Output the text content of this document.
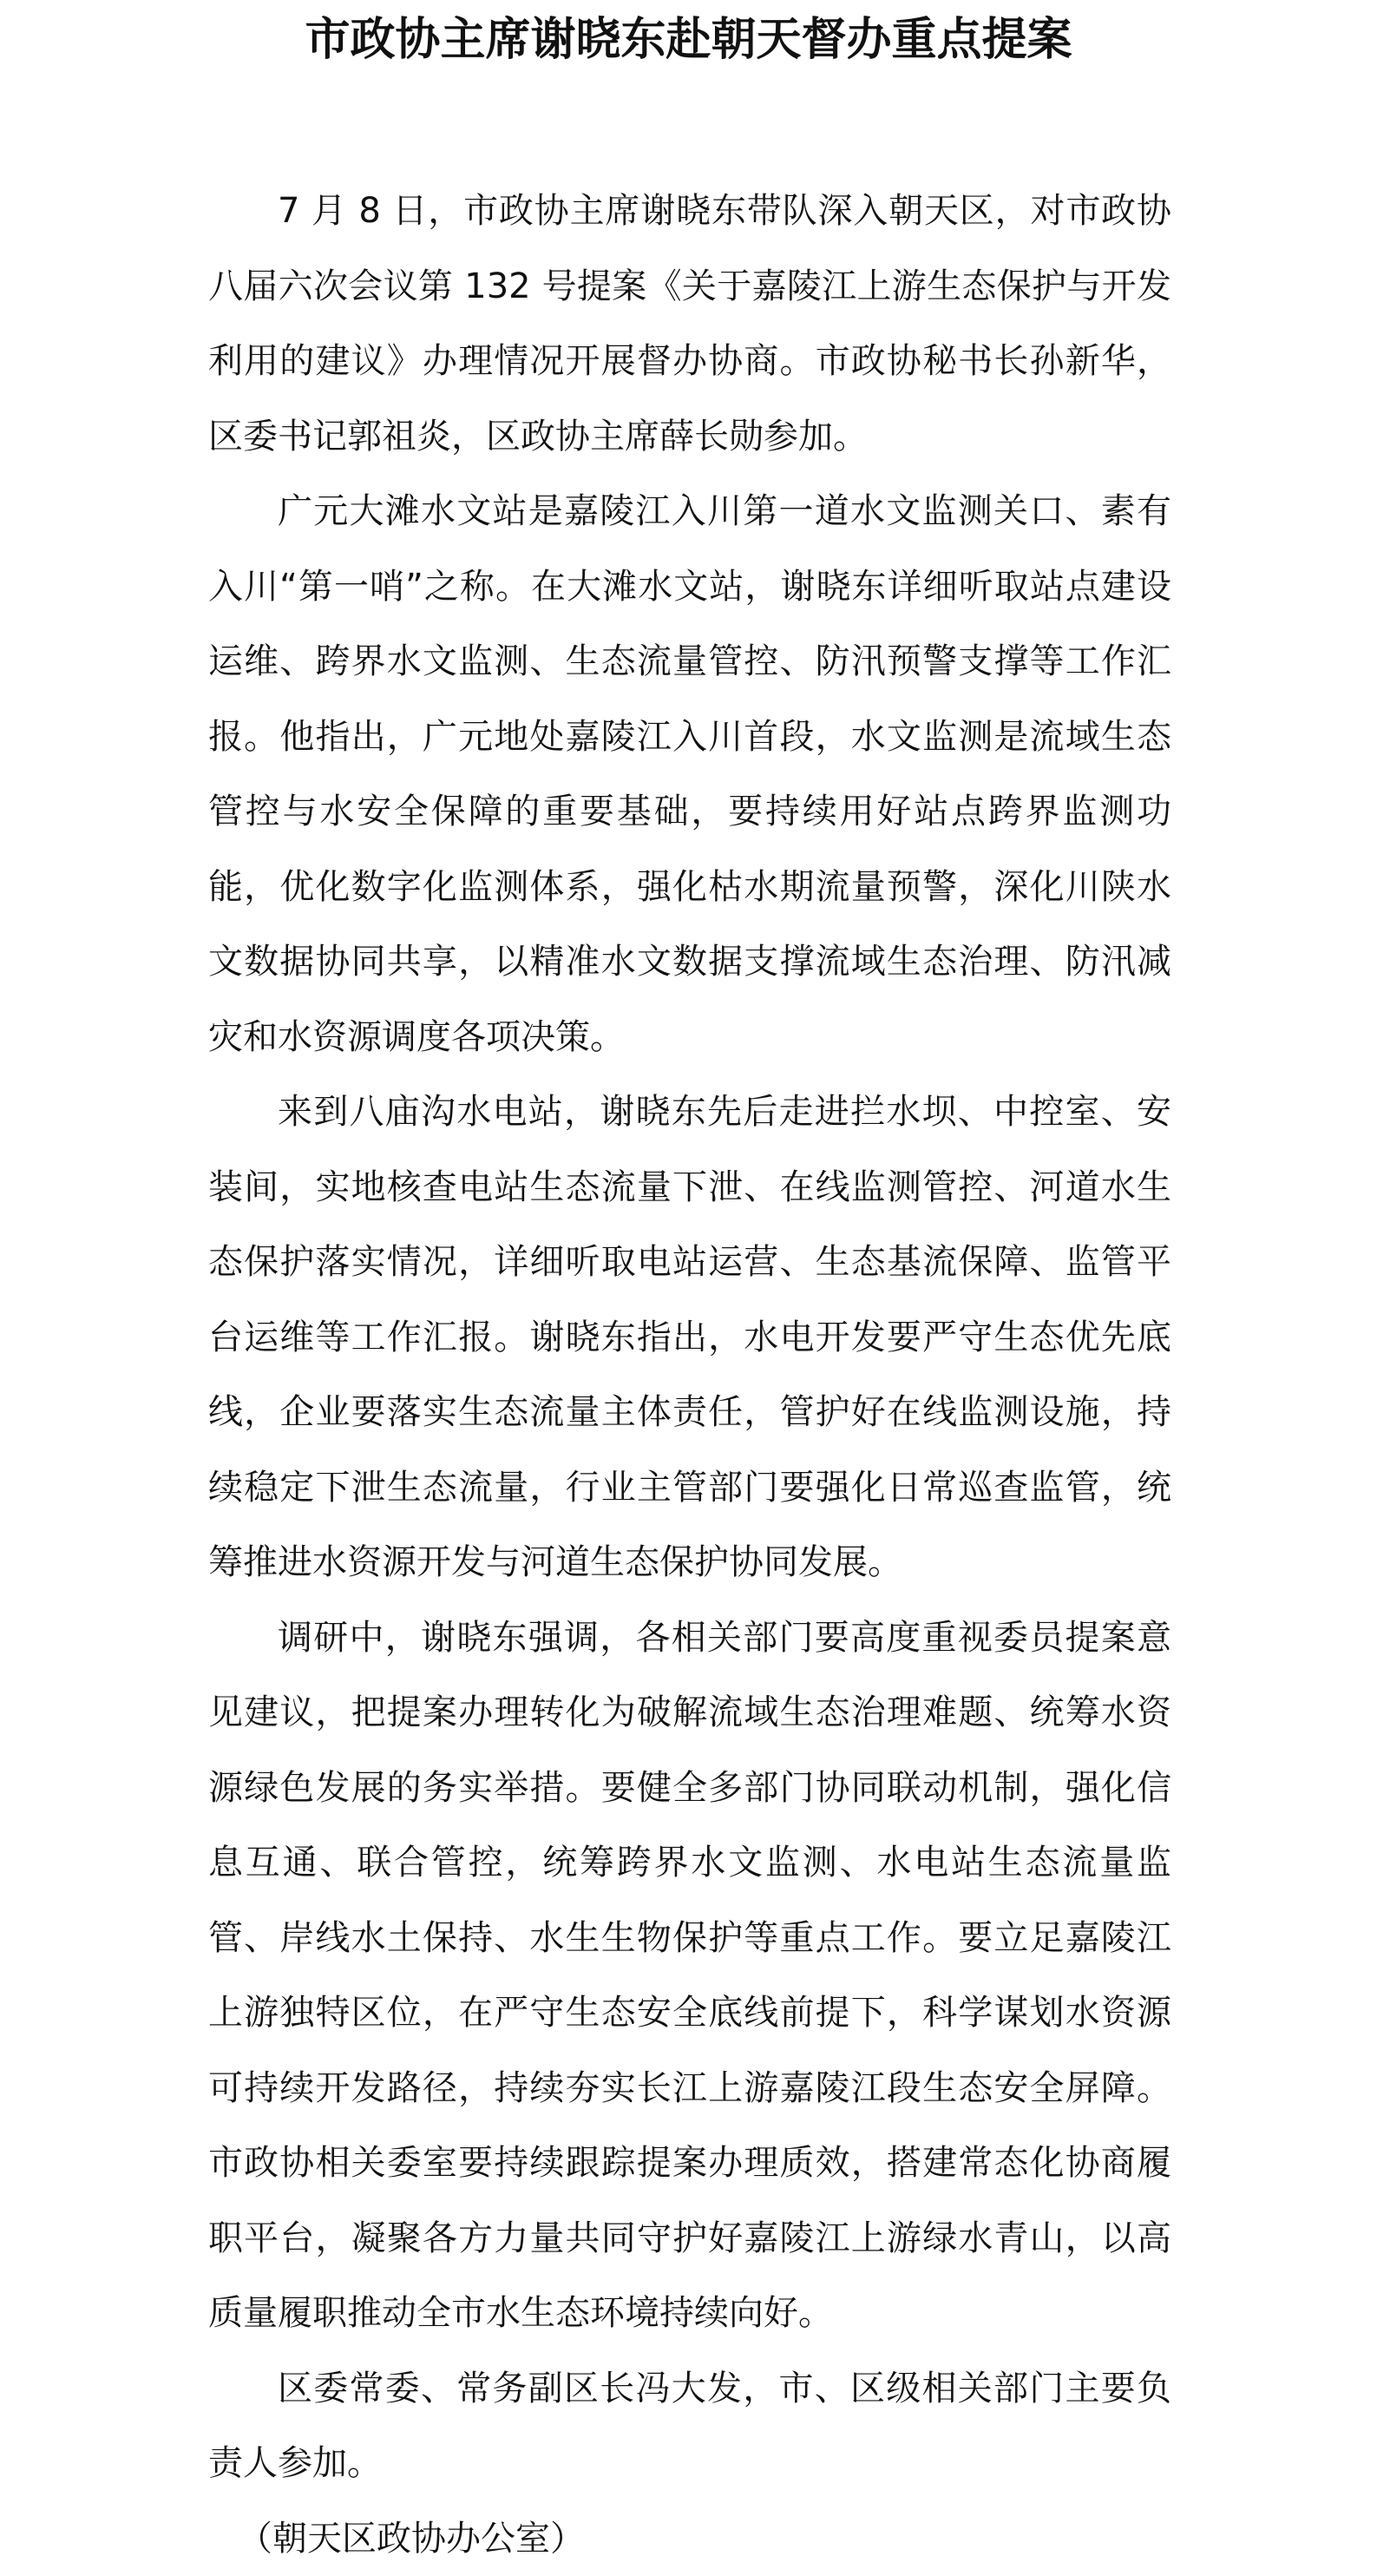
市政协主席谢晓东赴朝天督办重点提案

7 月 8 日，市政协主席谢晓东带队深入朝天区，对市政协八届六次会议第 132 号提案《关于嘉陵江上游生态保护与开发利用的建议》办理情况开展督办协商。市政协秘书长孙新华，区委书记郭祖炎，区政协主席薛长勋参加。

广元大滩水文站是嘉陵江入川第一道水文监测关口、素有入川“第一哨”之称。在大滩水文站，谢晓东详细听取站点建设运维、跨界水文监测、生态流量管控、防汛预警支撑等工作汇报。他指出，广元地处嘉陵江入川首段，水文监测是流域生态管控与水安全保障的重要基础，要持续用好站点跨界监测功能，优化数字化监测体系，强化枯水期流量预警，深化川陕水文数据协同共享，以精准水文数据支撑流域生态治理、防汛减灾和水资源调度各项决策。

来到八庙沟水电站，谢晓东先后走进拦水坝、中控室、安装间，实地核查电站生态流量下泄、在线监测管控、河道水生态保护落实情况，详细听取电站运营、生态基流保障、监管平台运维等工作汇报。谢晓东指出，水电开发要严守生态优先底线，企业要落实生态流量主体责任，管护好在线监测设施，持续稳定下泄生态流量，行业主管部门要强化日常巡查监管，统筹推进水资源开发与河道生态保护协同发展。

调研中，谢晓东强调，各相关部门要高度重视委员提案意见建议，把提案办理转化为破解流域生态治理难题、统筹水资源绿色发展的务实举措。要健全多部门协同联动机制，强化信息互通、联合管控，统筹跨界水文监测、水电站生态流量监管、岸线水土保持、水生生物保护等重点工作。要立足嘉陵江上游独特区位，在严守生态安全底线前提下，科学谋划水资源可持续开发路径，持续夯实长江上游嘉陵江段生态安全屏障。市政协相关委室要持续跟踪提案办理质效，搭建常态化协商履职平台，凝聚各方力量共同守护好嘉陵江上游绿水青山，以高质量履职推动全市水生态环境持续向好。

区委常委、常务副区长冯大发，市、区级相关部门主要负责人参加。

（朝天区政协办公室）
